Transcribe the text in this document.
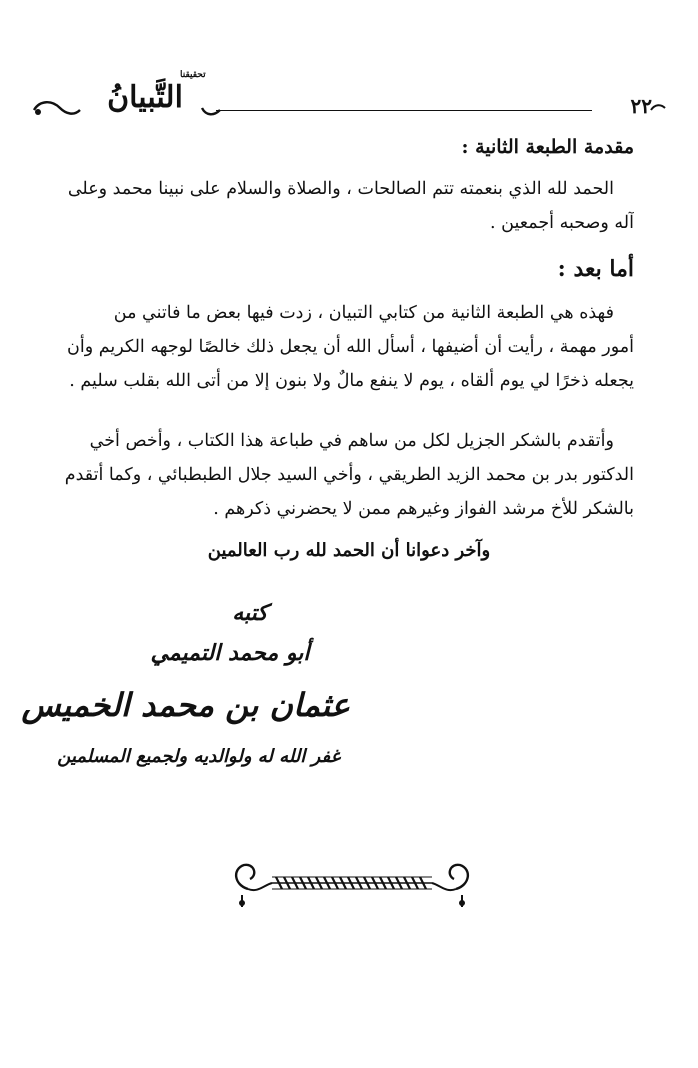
تحقيقنا
التَّبيانُ	٢٢
مقدمة الطبعة الثانية :
الحمد لله الذي بنعمته تتم الصالحات ، والصلاة والسلام على نبينا محمد وعلى
آله وصحبه أجمعين .
أما بعد :
فهذه هي الطبعة الثانية من كتابي التبيان ، زدت فيها بعض ما فاتني من
أمور مهمة ، رأيت أن أضيفها ، أسأل الله أن يجعل ذلك خالصًا لوجهه الكريم وأن
يجعله ذخرًا لي يوم ألقاه ، يوم لا ينفع مالٌ ولا بنون إلا من أتى الله بقلب سليم .
وأتقدم بالشكر الجزيل لكل من ساهم في طباعة هذا الكتاب ، وأخص أخي
الدكتور بدر بن محمد الزيد الطريقي ، وأخي السيد جلال الطبطبائي ، وكما أتقدم
بالشكر للأخ مرشد الفواز وغيرهم ممن لا يحضرني ذكرهم .
وآخر دعوانا أن الحمد لله رب العالمين
كتبه
أبو محمد التميمي
عثمان بن محمد الخميس
غفر الله له ولوالديه ولجميع المسلمين
